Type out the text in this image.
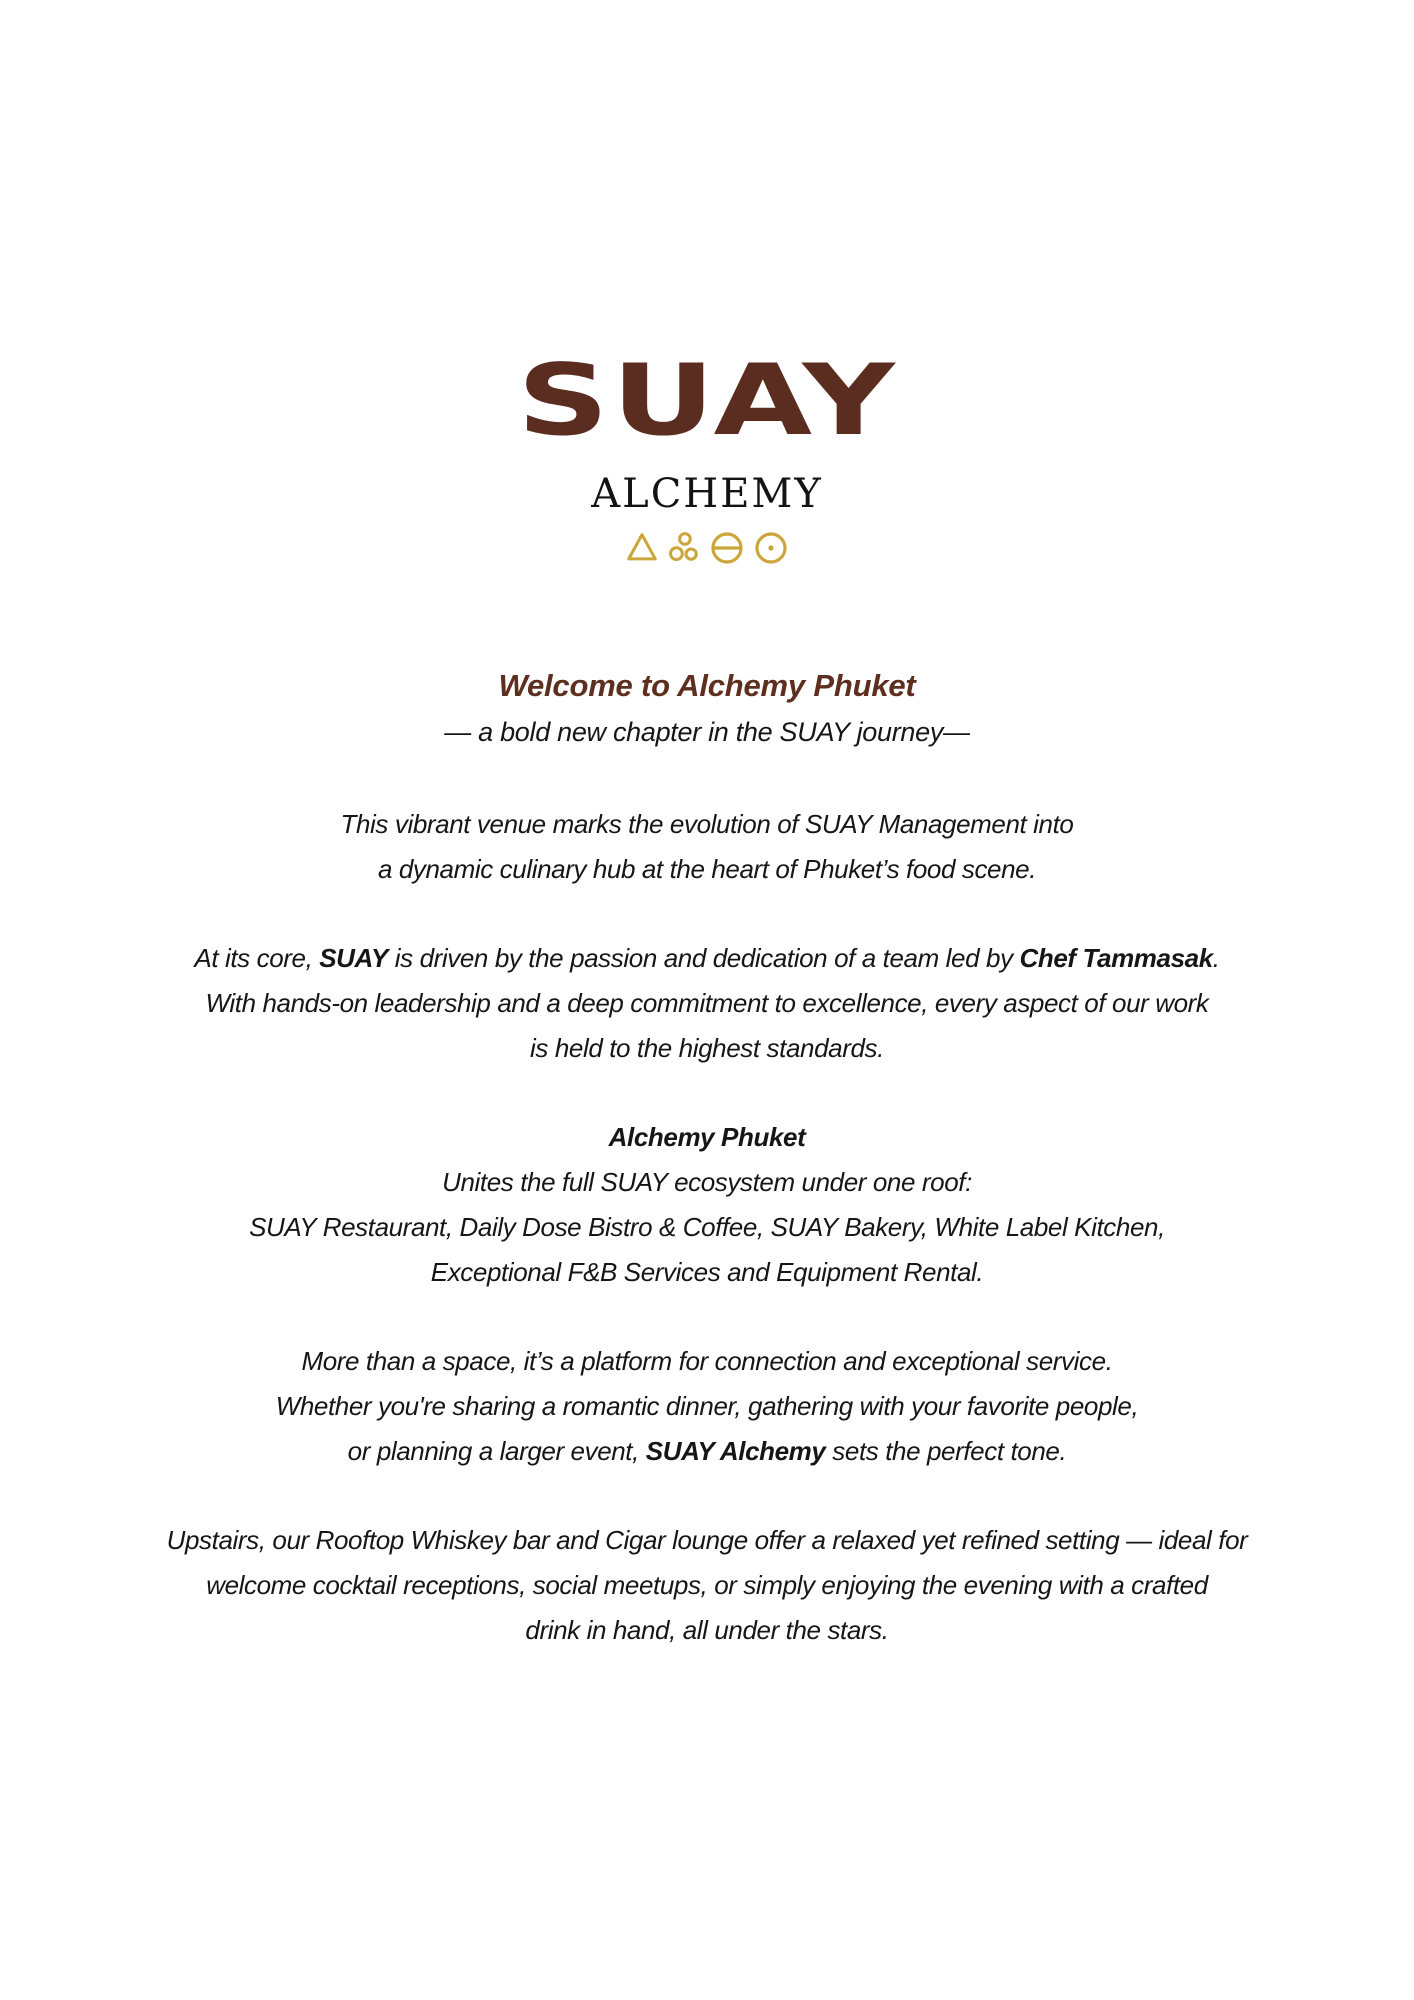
SUAY
ALCHEMY
Welcome to Alchemy Phuket

— a bold new chapter in the SUAY journey—

This vibrant venue marks the evolution of SUAY Management into
a dynamic culinary hub at the heart of Phuket’s food scene.
At its core, SUAY is driven by the passion and dedication of a team led by Chef Tammasak.
With hands-on leadership and a deep commitment to excellence, every aspect of our work
is held to the highest standards.
Alchemy Phuket
Unites the full SUAY ecosystem under one roof:
SUAY Restaurant, Daily Dose Bistro & Coffee, SUAY Bakery, White Label Kitchen,
Exceptional F&B Services and Equipment Rental.
More than a space, it’s a platform for connection and exceptional service.
Whether you're sharing a romantic dinner, gathering with your favorite people,
or planning a larger event, SUAY Alchemy sets the perfect tone.
Upstairs, our Rooftop Whiskey bar and Cigar lounge offer a relaxed yet refined setting — ideal for
welcome cocktail receptions, social meetups, or simply enjoying the evening with a crafted
drink in hand, all under the stars.
